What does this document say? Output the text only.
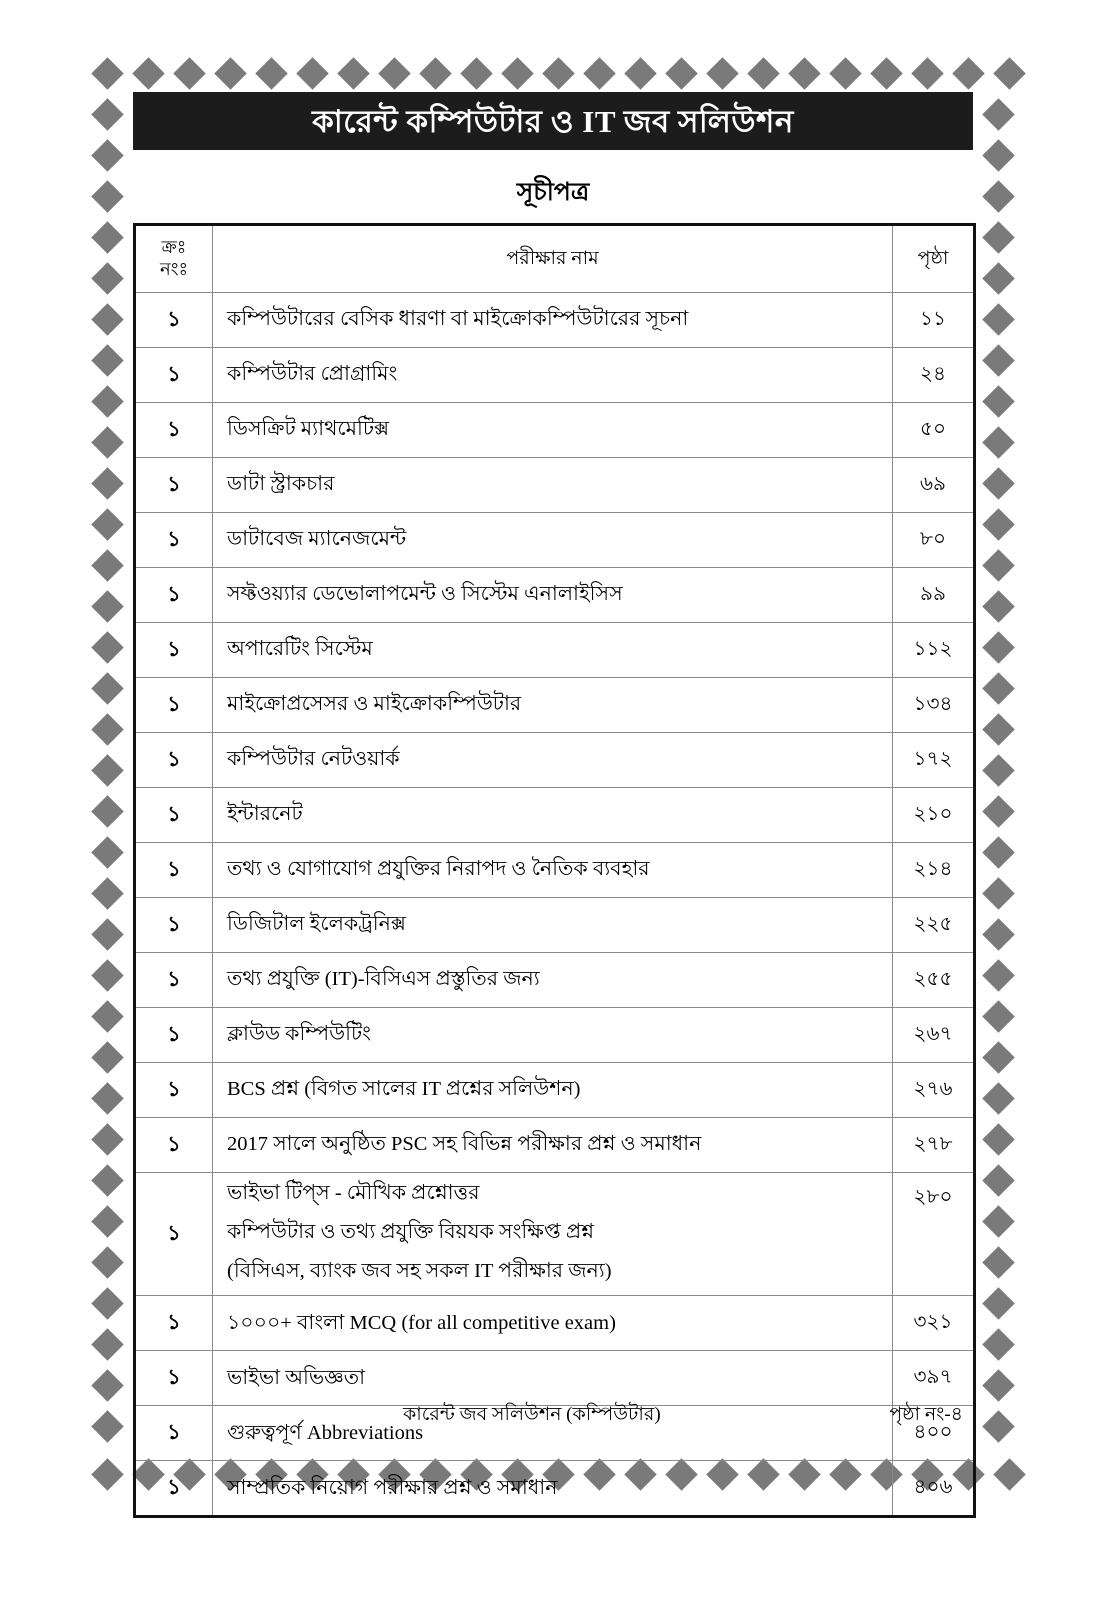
কারেন্ট কম্পিউটার ও IT জব সলিউশন
সূচীপত্র
ক্রঃ
নংঃ	পরীক্ষার নাম	পৃষ্ঠা
১	কম্পিউটারের বেসিক ধারণা বা মাইক্রোকম্পিউটারের সূচনা	১১
১	কম্পিউটার প্রোগ্রামিং	২৪
১	ডিসক্রিট ম্যাথমেটিক্স	৫০
১	ডাটা স্ট্রাকচার	৬৯
১	ডাটাবেজ ম্যানেজমেন্ট	৮০
১	সফ্টওয়্যার ডেভোলাপমেন্ট ও সিস্টেম এনালাইসিস	৯৯
১	অপারেটিং সিস্টেম	১১২
১	মাইক্রোপ্রসেসর ও মাইক্রোকম্পিউটার	১৩৪
১	কম্পিউটার নেটওয়ার্ক	১৭২
১	ইন্টারনেট	২১০
১	তথ্য ও যোগাযোগ প্রযুক্তির নিরাপদ ও নৈতিক ব্যবহার	২১৪
১	ডিজিটাল ইলেকট্রনিক্স	২২৫
১	তথ্য প্রযুক্তি (IT)-বিসিএস প্রস্তুতির জন্য	২৫৫
১	ক্লাউড কম্পিউটিং	২৬৭
১	BCS প্রশ্ন (বিগত সালের IT প্রশ্নের সলিউশন)	২৭৬
১	2017 সালে অনুষ্ঠিত PSC সহ বিভিন্ন পরীক্ষার প্রশ্ন ও সমাধান	২৭৮
১	ভাইভা টিপ্‌স - মৌখিক প্রশ্নোত্তর
কম্পিউটার ও তথ্য প্রযুক্তি বিয়যক সংক্ষিপ্ত প্রশ্ন
(বিসিএস, ব্যাংক জব সহ সকল IT পরীক্ষার জন্য)	২৮০
১	১০০০+ বাংলা MCQ (for all competitive exam)	৩২১
১	ভাইভা অভিজ্ঞতা	৩৯৭
১	গুরুত্বপূর্ণ Abbreviations	৪০০
১	সাম্প্রতিক নিয়োগ পরীক্ষার প্রশ্ন ও সমাধান	৪০৬
কারেন্ট জব সলিউশন (কম্পিউটার)	পৃষ্ঠা নং-৪
